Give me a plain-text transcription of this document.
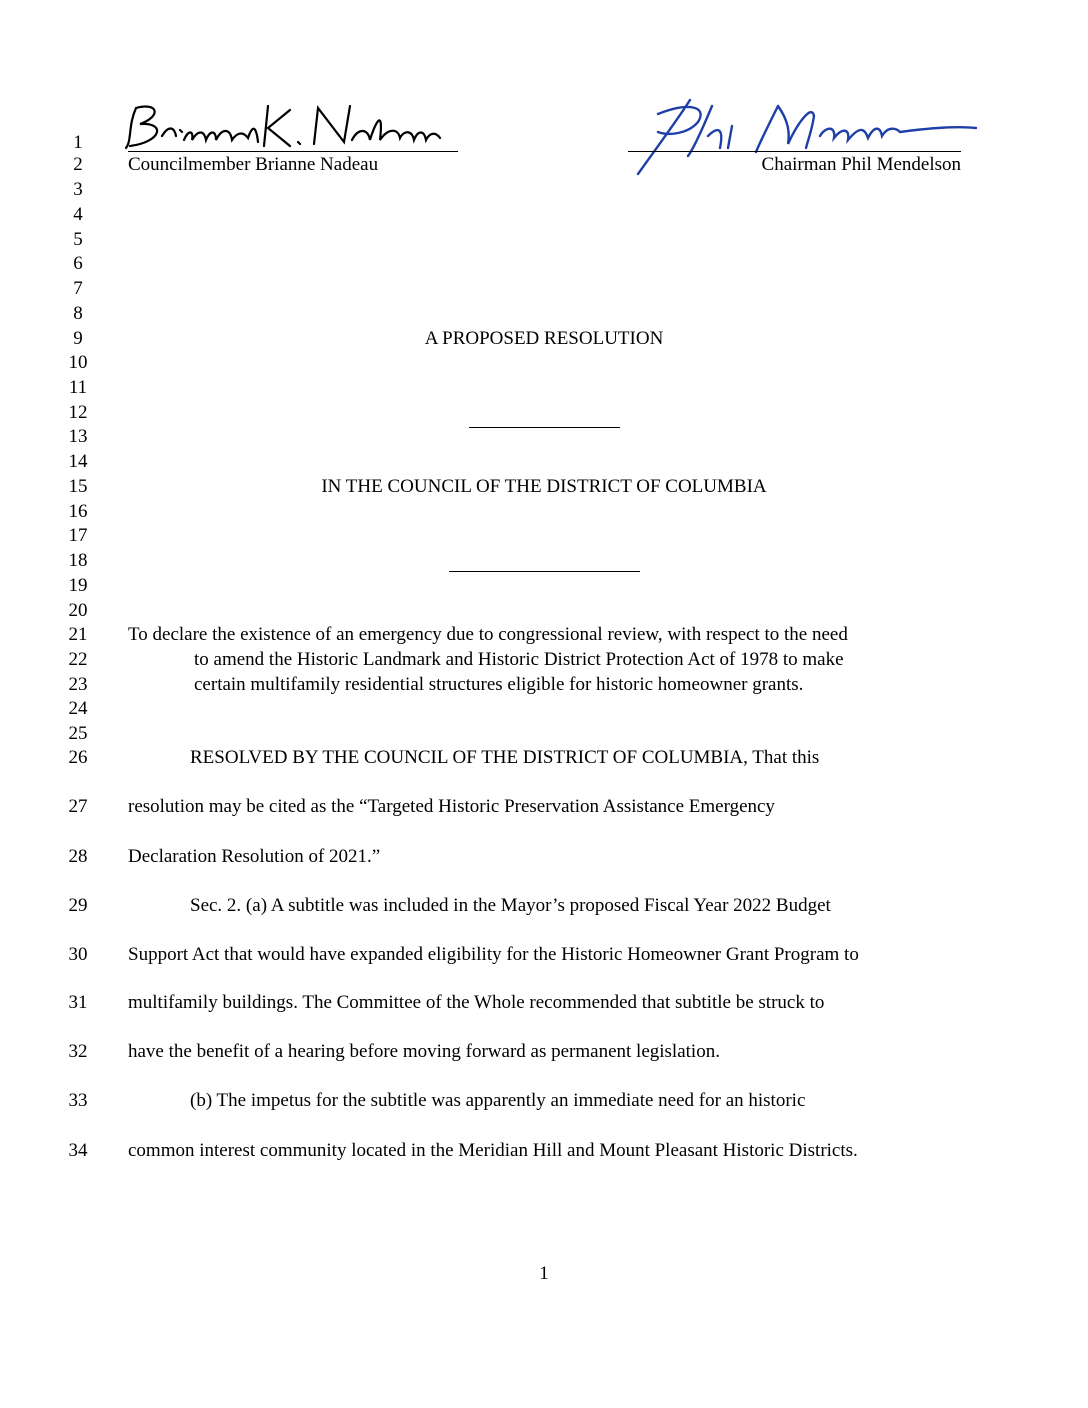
Councilmember Brianne Nadeau	Chairman Phil Mendelson
1
2
3
4
5
6
7
8
9
10
11
12
13
14
15
16
17
18
19
20
21
22
23
24
25
26
27
28
29
30
31
32
33
34
A PROPOSED RESOLUTION
IN THE COUNCIL OF THE DISTRICT OF COLUMBIA
To declare the existence of an emergency due to congressional review, with respect to the need
to amend the Historic Landmark and Historic District Protection Act of 1978 to make
certain multifamily residential structures eligible for historic homeowner grants.
RESOLVED BY THE COUNCIL OF THE DISTRICT OF COLUMBIA, That this
resolution may be cited as the “Targeted Historic Preservation Assistance Emergency
Declaration Resolution of 2021.”
Sec. 2. (a) A subtitle was included in the Mayor’s proposed Fiscal Year 2022 Budget
Support Act that would have expanded eligibility for the Historic Homeowner Grant Program to
multifamily buildings. The Committee of the Whole recommended that subtitle be struck to
have the benefit of a hearing before moving forward as permanent legislation.
(b) The impetus for the subtitle was apparently an immediate need for an historic
common interest community located in the Meridian Hill and Mount Pleasant Historic Districts.
1
